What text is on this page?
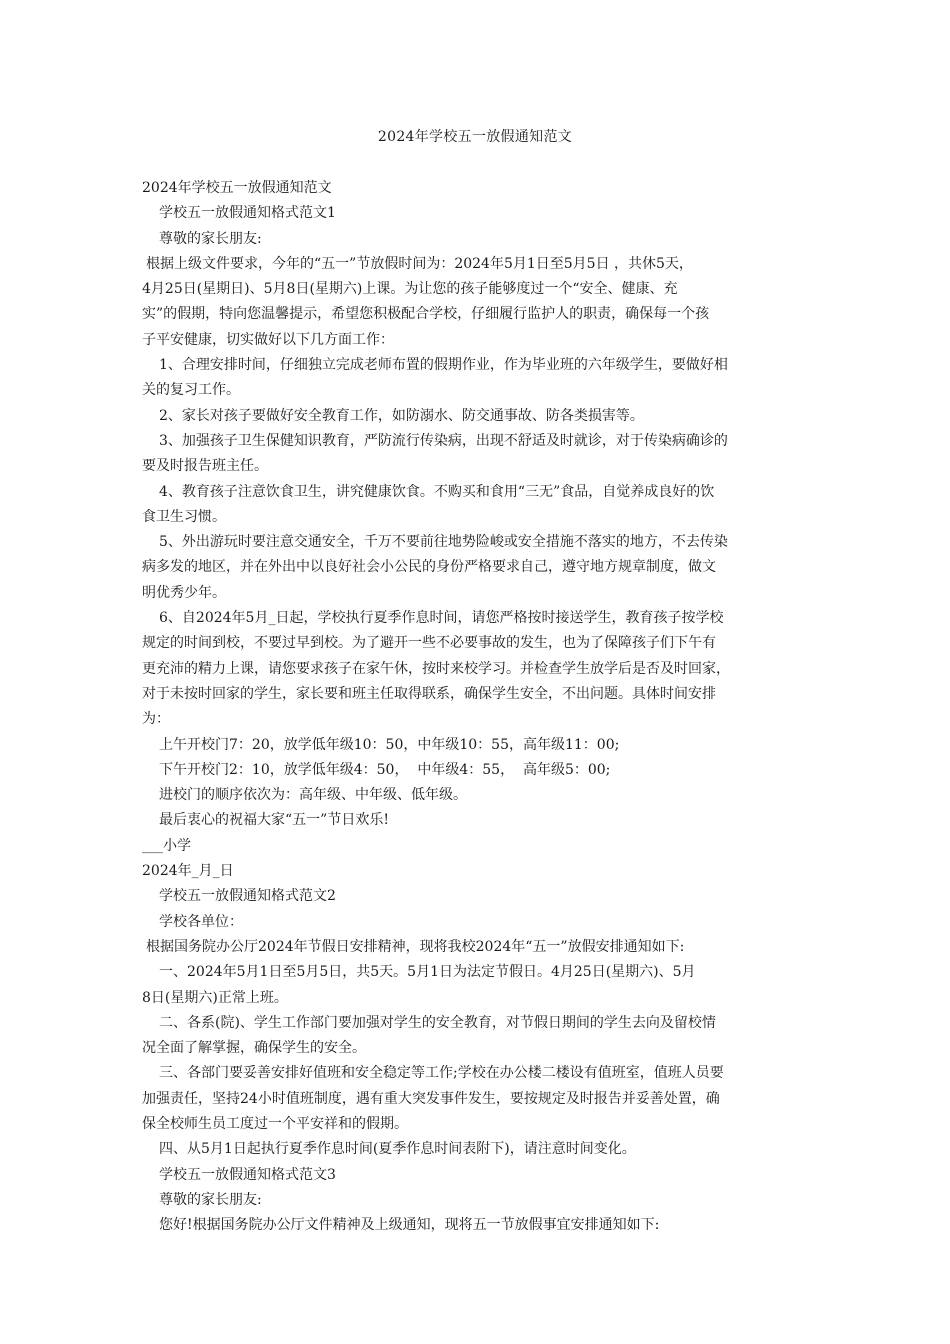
2024年学校五一放假通知范文
2024年学校五一放假通知范文
学校五一放假通知格式范文1
尊敬的家长朋友:
根据上级文件要求，今年的“五一”节放假时间为：2024年5月1日至5月5日 ，共休5天，
4月25日(星期日)、5月8日(星期六)上课。为让您的孩子能够度过一个“安全、健康、充
实”的假期，特向您温馨提示，希望您积极配合学校，仔细履行监护人的职责，确保每一个孩
子平安健康，切实做好以下几方面工作：
1、合理安排时间，仔细独立完成老师布置的假期作业，作为毕业班的六年级学生，要做好相
关的复习工作。
2、家长对孩子要做好安全教育工作，如防溺水、防交通事故、防各类损害等。
3、加强孩子卫生保健知识教育，严防流行传染病，出现不舒适及时就诊，对于传染病确诊的
要及时报告班主任。
4、教育孩子注意饮食卫生，讲究健康饮食。不购买和食用“三无”食品，自觉养成良好的饮
食卫生习惯。
5、外出游玩时要注意交通安全，千万不要前往地势险峻或安全措施不落实的地方，不去传染
病多发的地区，并在外出中以良好社会小公民的身份严格要求自己，遵守地方规章制度，做文
明优秀少年。
6、自2024年5月_日起，学校执行夏季作息时间，请您严格按时接送学生，教育孩子按学校
规定的时间到校，不要过早到校。为了避开一些不必要事故的发生，也为了保障孩子们下午有
更充沛的精力上课，请您要求孩子在家午休，按时来校学习。并检查学生放学后是否及时回家，
对于未按时回家的学生，家长要和班主任取得联系，确保学生安全，不出问题。具体时间安排
为：
上午开校门7：20，放学低年级10：50，中年级10：55，高年级11：00;
下午开校门2：10，放学低年级4：50，  中年级4：55，  高年级5：00;
进校门的顺序依次为：高年级、中年级、低年级。
最后衷心的祝福大家“五一”节日欢乐!
___小学
2024年_月_日
学校五一放假通知格式范文2
学校各单位：
根据国务院办公厅2024年节假日安排精神，现将我校2024年“五一”放假安排通知如下:
一、2024年5月1日至5月5日，共5天。5月1日为法定节假日。4月25日(星期六)、5月
8日(星期六)正常上班。
二、各系(院)、学生工作部门要加强对学生的安全教育，对节假日期间的学生去向及留校情
况全面了解掌握，确保学生的安全。
三、各部门要妥善安排好值班和安全稳定等工作;学校在办公楼二楼设有值班室，值班人员要
加强责任，坚持24小时值班制度，遇有重大突发事件发生，要按规定及时报告并妥善处置，确
保全校师生员工度过一个平安祥和的假期。
四、从5月1日起执行夏季作息时间(夏季作息时间表附下)，请注意时间变化。
学校五一放假通知格式范文3
尊敬的家长朋友:
您好!根据国务院办公厅文件精神及上级通知，现将五一节放假事宜安排通知如下:
